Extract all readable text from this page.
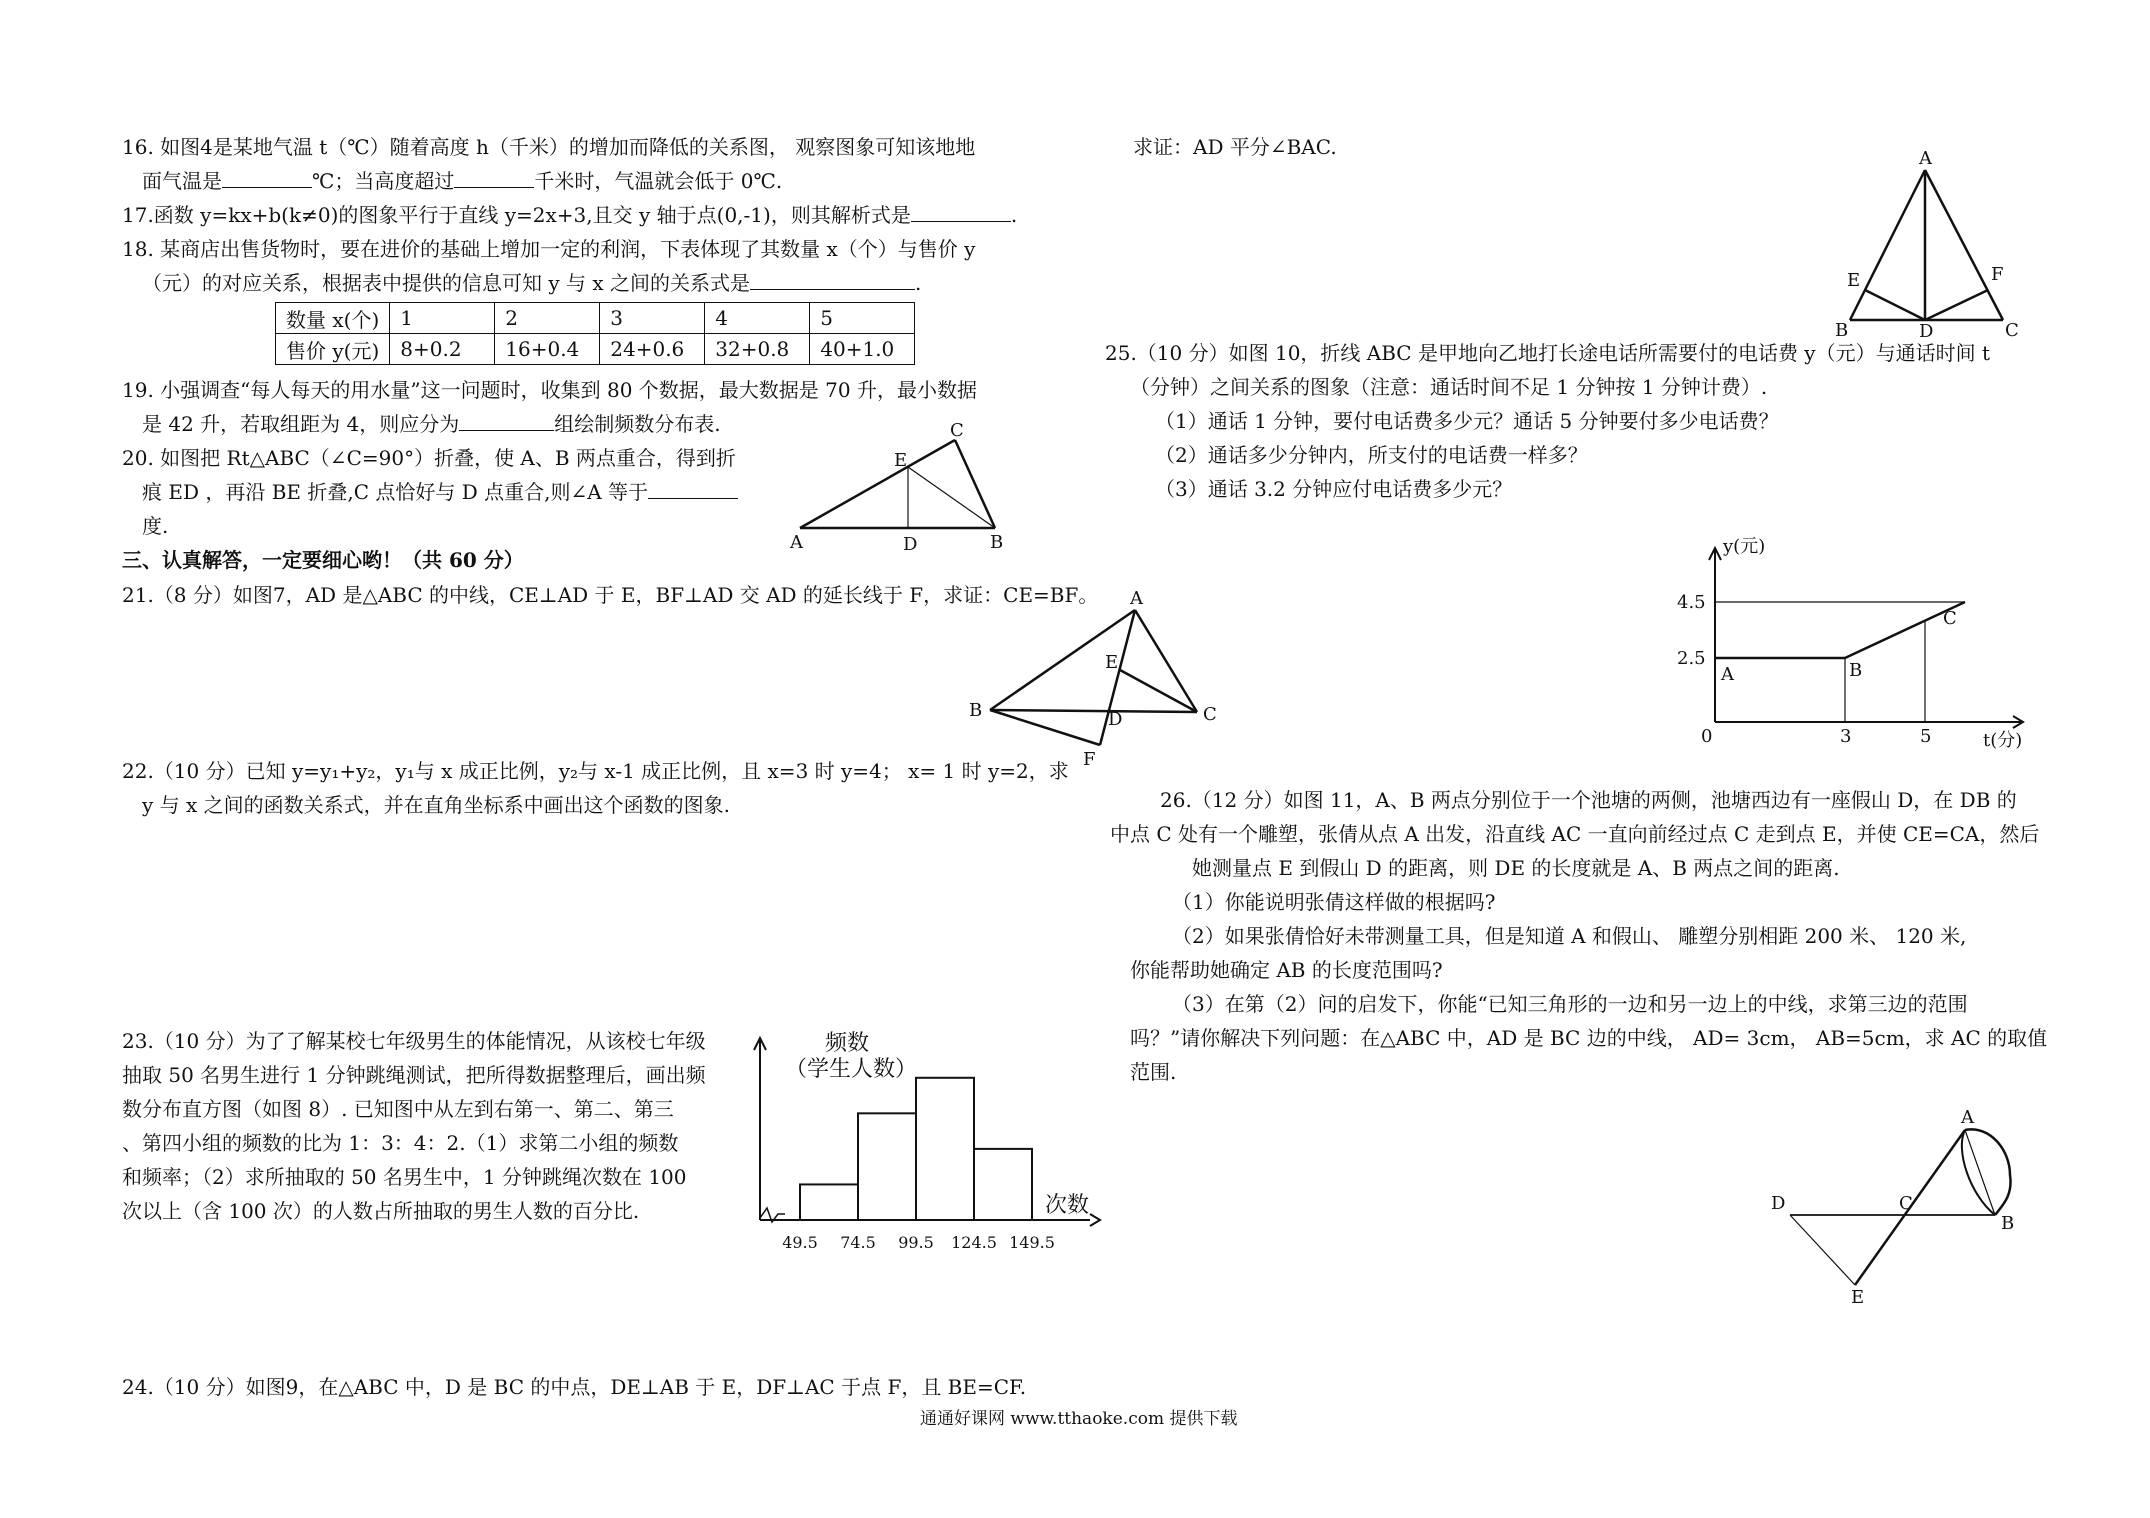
16. 如图4是某地气温 t（℃）随着高度 h（千米）的增加而降低的关系图， 观察图象可知该地地
面气温是	℃；当高度超过	千米时，气温就会低于 0℃.
17.函数 y=kx+b(k≠0)的图象平行于直线 y=2x+3,且交 y 轴于点(0,-1)，则其解析式是	.
18. 某商店出售货物时，要在进价的基础上增加一定的利润，下表体现了其数量 x（个）与售价 y
（元）的对应关系，根据表中提供的信息可知 y 与 x 之间的关系式是	.
数量 x(个)	1	2	3	4	5
售价 y(元)	8+0.2	16+0.4	24+0.6	32+0.8	40+1.0
19. 小强调查“每人每天的用水量”这一问题时，收集到 80 个数据，最大数据是 70 升，最小数据
是 42 升，若取组距为 4，则应分为	组绘制频数分布表.
20. 如图把 Rt△ABC（∠C=90°）折叠，使 A、B 两点重合，得到折
痕 ED ，再沿 BE 折叠,C 点恰好与 D 点重合,则∠A 等于
度.
A	B
C
D
E
三、认真解答，一定要细心哟！（共 60 分）
21.（8 分）如图7，AD 是△ABC 的中线，CE⊥AD 于 E，BF⊥AD 交 AD 的延长线于 F，求证：CE=BF。 A
B	C
D
E
F
22.（10 分）已知 y=y₁+y₂，y₁与 x 成正比例，y₂与 x-1 成正比例，且 x=3 时 y=4； x= 1 时 y=2，求
y 与 x 之间的函数关系式，并在直角坐标系中画出这个函数的图象.
23.（10 分）为了了解某校七年级男生的体能情况，从该校七年级
抽取 50 名男生进行 1 分钟跳绳测试，把所得数据整理后，画出频
数分布直方图（如图 8）. 已知图中从左到右第一、第二、第三
、第四小组的频数的比为 1：3：4：2.（1）求第二小组的频数
和频率；（2）求所抽取的 50 名男生中，1 分钟跳绳次数在 100
次以上（含 100 次）的人数占所抽取的男生人数的百分比.
频数
（学生人数）
次数
49.5 74.5 99.5 124.5 149.5
24.（10 分）如图9，在△ABC 中，D 是 BC 的中点，DE⊥AB 于 E，DF⊥AC 于点 F，且 BE=CF.
求证：AD 平分∠BAC.	A
B	C
D
E	F
25.（10 分）如图 10，折线 ABC 是甲地向乙地打长途电话所需要付的电话费 y（元）与通话时间 t
（分钟）之间关系的图象（注意：通话时间不足 1 分钟按 1 分钟计费）.
（1）通话 1 分钟，要付电话费多少元？通话 5 分钟要付多少电话费？
（2）通话多少分钟内，所支付的电话费一样多？
（3）通话 3.2 分钟应付电话费多少元？
y(元)
t(分)
4.5
2.5
0	3	5
A	B
C
26.（12 分）如图 11，A、B 两点分别位于一个池塘的两侧，池塘西边有一座假山 D，在 DB 的
中点 C 处有一个雕塑，张倩从点 A 出发，沿直线 AC 一直向前经过点 C 走到点 E，并使 CE=CA，然后
她测量点 E 到假山 D 的距离，则 DE 的长度就是 A、B 两点之间的距离.
（1）你能说明张倩这样做的根据吗?
（2）如果张倩恰好未带测量工具，但是知道 A 和假山、 雕塑分别相距 200 米、 120 米,
你能帮助她确定 AB 的长度范围吗?
（3）在第（2）问的启发下，你能“已知三角形的一边和另一边上的中线，求第三边的范围
吗？”请你解决下列问题：在△ABC 中，AD 是 BC 边的中线， AD= 3cm， AB=5cm，求 AC 的取值
范围.
A
B
C
D
E
通通好课网 www.tthaoke.com 提供下载
